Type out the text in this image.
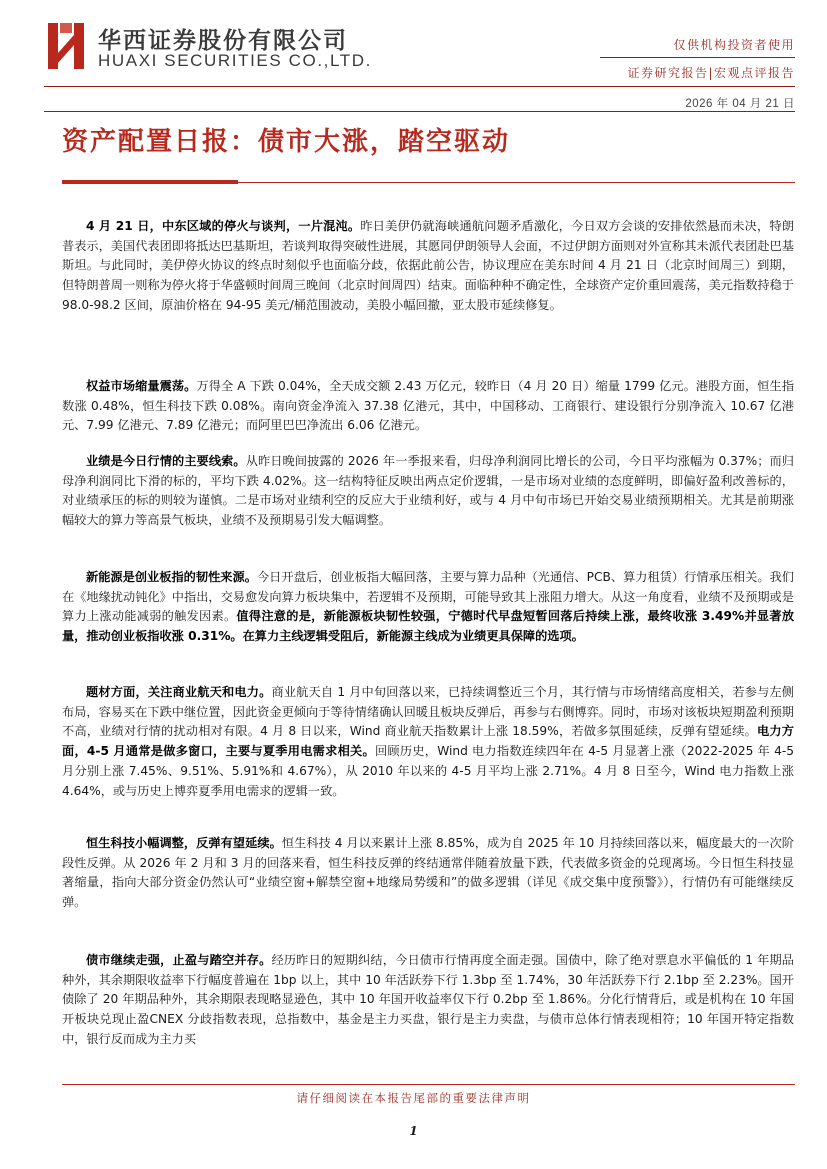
华西证券股份有限公司
HUAXI SECURITIES CO.,LTD.
仅供机构投资者使用
证券研究报告|宏观点评报告
2026 年 04 月 21 日
资产配置日报：债市大涨，踏空驱动

4 月 21 日，中东区域的停火与谈判，一片混沌。昨日美伊仍就海峡通航问题矛盾激化，今日双方会谈的安排依然悬而未决，特朗普表示，美国代表团即将抵达巴基斯坦，若谈判取得突破性进展，其愿同伊朗领导人会面，不过伊朗方面则对外宣称其未派代表团赴巴基斯坦。与此同时，美伊停火协议的终点时刻似乎也面临分歧，依据此前公告，协议理应在美东时间 4 月 21 日（北京时间周三）到期，但特朗普周一则称为停火将于华盛顿时间周三晚间（北京时间周四）结束。面临种种不确定性，全球资产定价重回震荡，美元指数持稳于 98.0-98.2 区间，原油价格在 94-95 美元/桶范围波动，美股小幅回撤，亚太股市延续修复。

权益市场缩量震荡。万得全 A 下跌 0.04%，全天成交额 2.43 万亿元，较昨日（4 月 20 日）缩量 1799 亿元。港股方面，恒生指数涨 0.48%，恒生科技下跌 0.08%。南向资金净流入 37.38 亿港元，其中，中国移动、工商银行、建设银行分别净流入 10.67 亿港元、7.99 亿港元、7.89 亿港元；而阿里巴巴净流出 6.06 亿港元。

业绩是今日行情的主要线索。从昨日晚间披露的 2026 年一季报来看，归母净利润同比增长的公司，今日平均涨幅为 0.37%；而归母净利润同比下滑的标的，平均下跌 4.02%。这一结构特征反映出两点定价逻辑，一是市场对业绩的态度鲜明，即偏好盈利改善标的，对业绩承压的标的则较为谨慎。二是市场对业绩利空的反应大于业绩利好，或与 4 月中旬市场已开始交易业绩预期相关。尤其是前期涨幅较大的算力等高景气板块，业绩不及预期易引发大幅调整。

新能源是创业板指的韧性来源。今日开盘后，创业板指大幅回落，主要与算力品种（光通信、PCB、算力租赁）行情承压相关。我们在《地缘扰动钝化》中指出，交易愈发向算力板块集中，若逻辑不及预期，可能导致其上涨阻力增大。从这一角度看，业绩不及预期或是算力上涨动能减弱的触发因素。值得注意的是，新能源板块韧性较强，宁德时代早盘短暂回落后持续上涨，最终收涨 3.49%并显著放量，推动创业板指收涨 0.31%。在算力主线逻辑受阻后，新能源主线成为业绩更具保障的选项。

题材方面，关注商业航天和电力。商业航天自 1 月中旬回落以来，已持续调整近三个月，其行情与市场情绪高度相关，若参与左侧布局，容易买在下跌中继位置，因此资金更倾向于等待情绪确认回暖且板块反弹后，再参与右侧博弈。同时，市场对该板块短期盈利预期不高，业绩对行情的扰动相对有限。4 月 8 日以来，Wind 商业航天指数累计上涨 18.59%，若做多氛围延续，反弹有望延续。电力方面，4-5 月通常是做多窗口，主要与夏季用电需求相关。回顾历史，Wind 电力指数连续四年在 4-5 月显著上涨（2022-2025 年 4-5 月分别上涨 7.45%、9.51%、5.91%和 4.67%），从 2010 年以来的 4-5 月平均上涨 2.71%。4 月 8 日至今，Wind 电力指数上涨 4.64%，或与历史上博弈夏季用电需求的逻辑一致。

恒生科技小幅调整，反弹有望延续。恒生科技 4 月以来累计上涨 8.85%，成为自 2025 年 10 月持续回落以来，幅度最大的一次阶段性反弹。从 2026 年 2 月和 3 月的回落来看，恒生科技反弹的终结通常伴随着放量下跌，代表做多资金的兑现离场。今日恒生科技显著缩量，指向大部分资金仍然认可“业绩空窗+解禁空窗+地缘局势缓和”的做多逻辑（详见《成交集中度预警》），行情仍有可能继续反弹。

债市继续走强，止盈与踏空并存。经历昨日的短期纠结，今日债市行情再度全面走强。国债中，除了绝对票息水平偏低的 1 年期品种外，其余期限收益率下行幅度普遍在 1bp 以上，其中 10 年活跃券下行 1.3bp 至 1.74%，30 年活跃券下行 2.1bp 至 2.23%。国开债除了 20 年期品种外，其余期限表现略显逊色，其中 10 年国开收益率仅下行 0.2bp 至 1.86%。分化行情背后，或是机构在 10 年国开板块兑现止盈CNEX 分歧指数表现，总指数中，基金是主力买盘，银行是主力卖盘，与债市总体行情表现相符；10 年国开特定指数中，银行反而成为主力买

请仔细阅读在本报告尾部的重要法律声明
1
